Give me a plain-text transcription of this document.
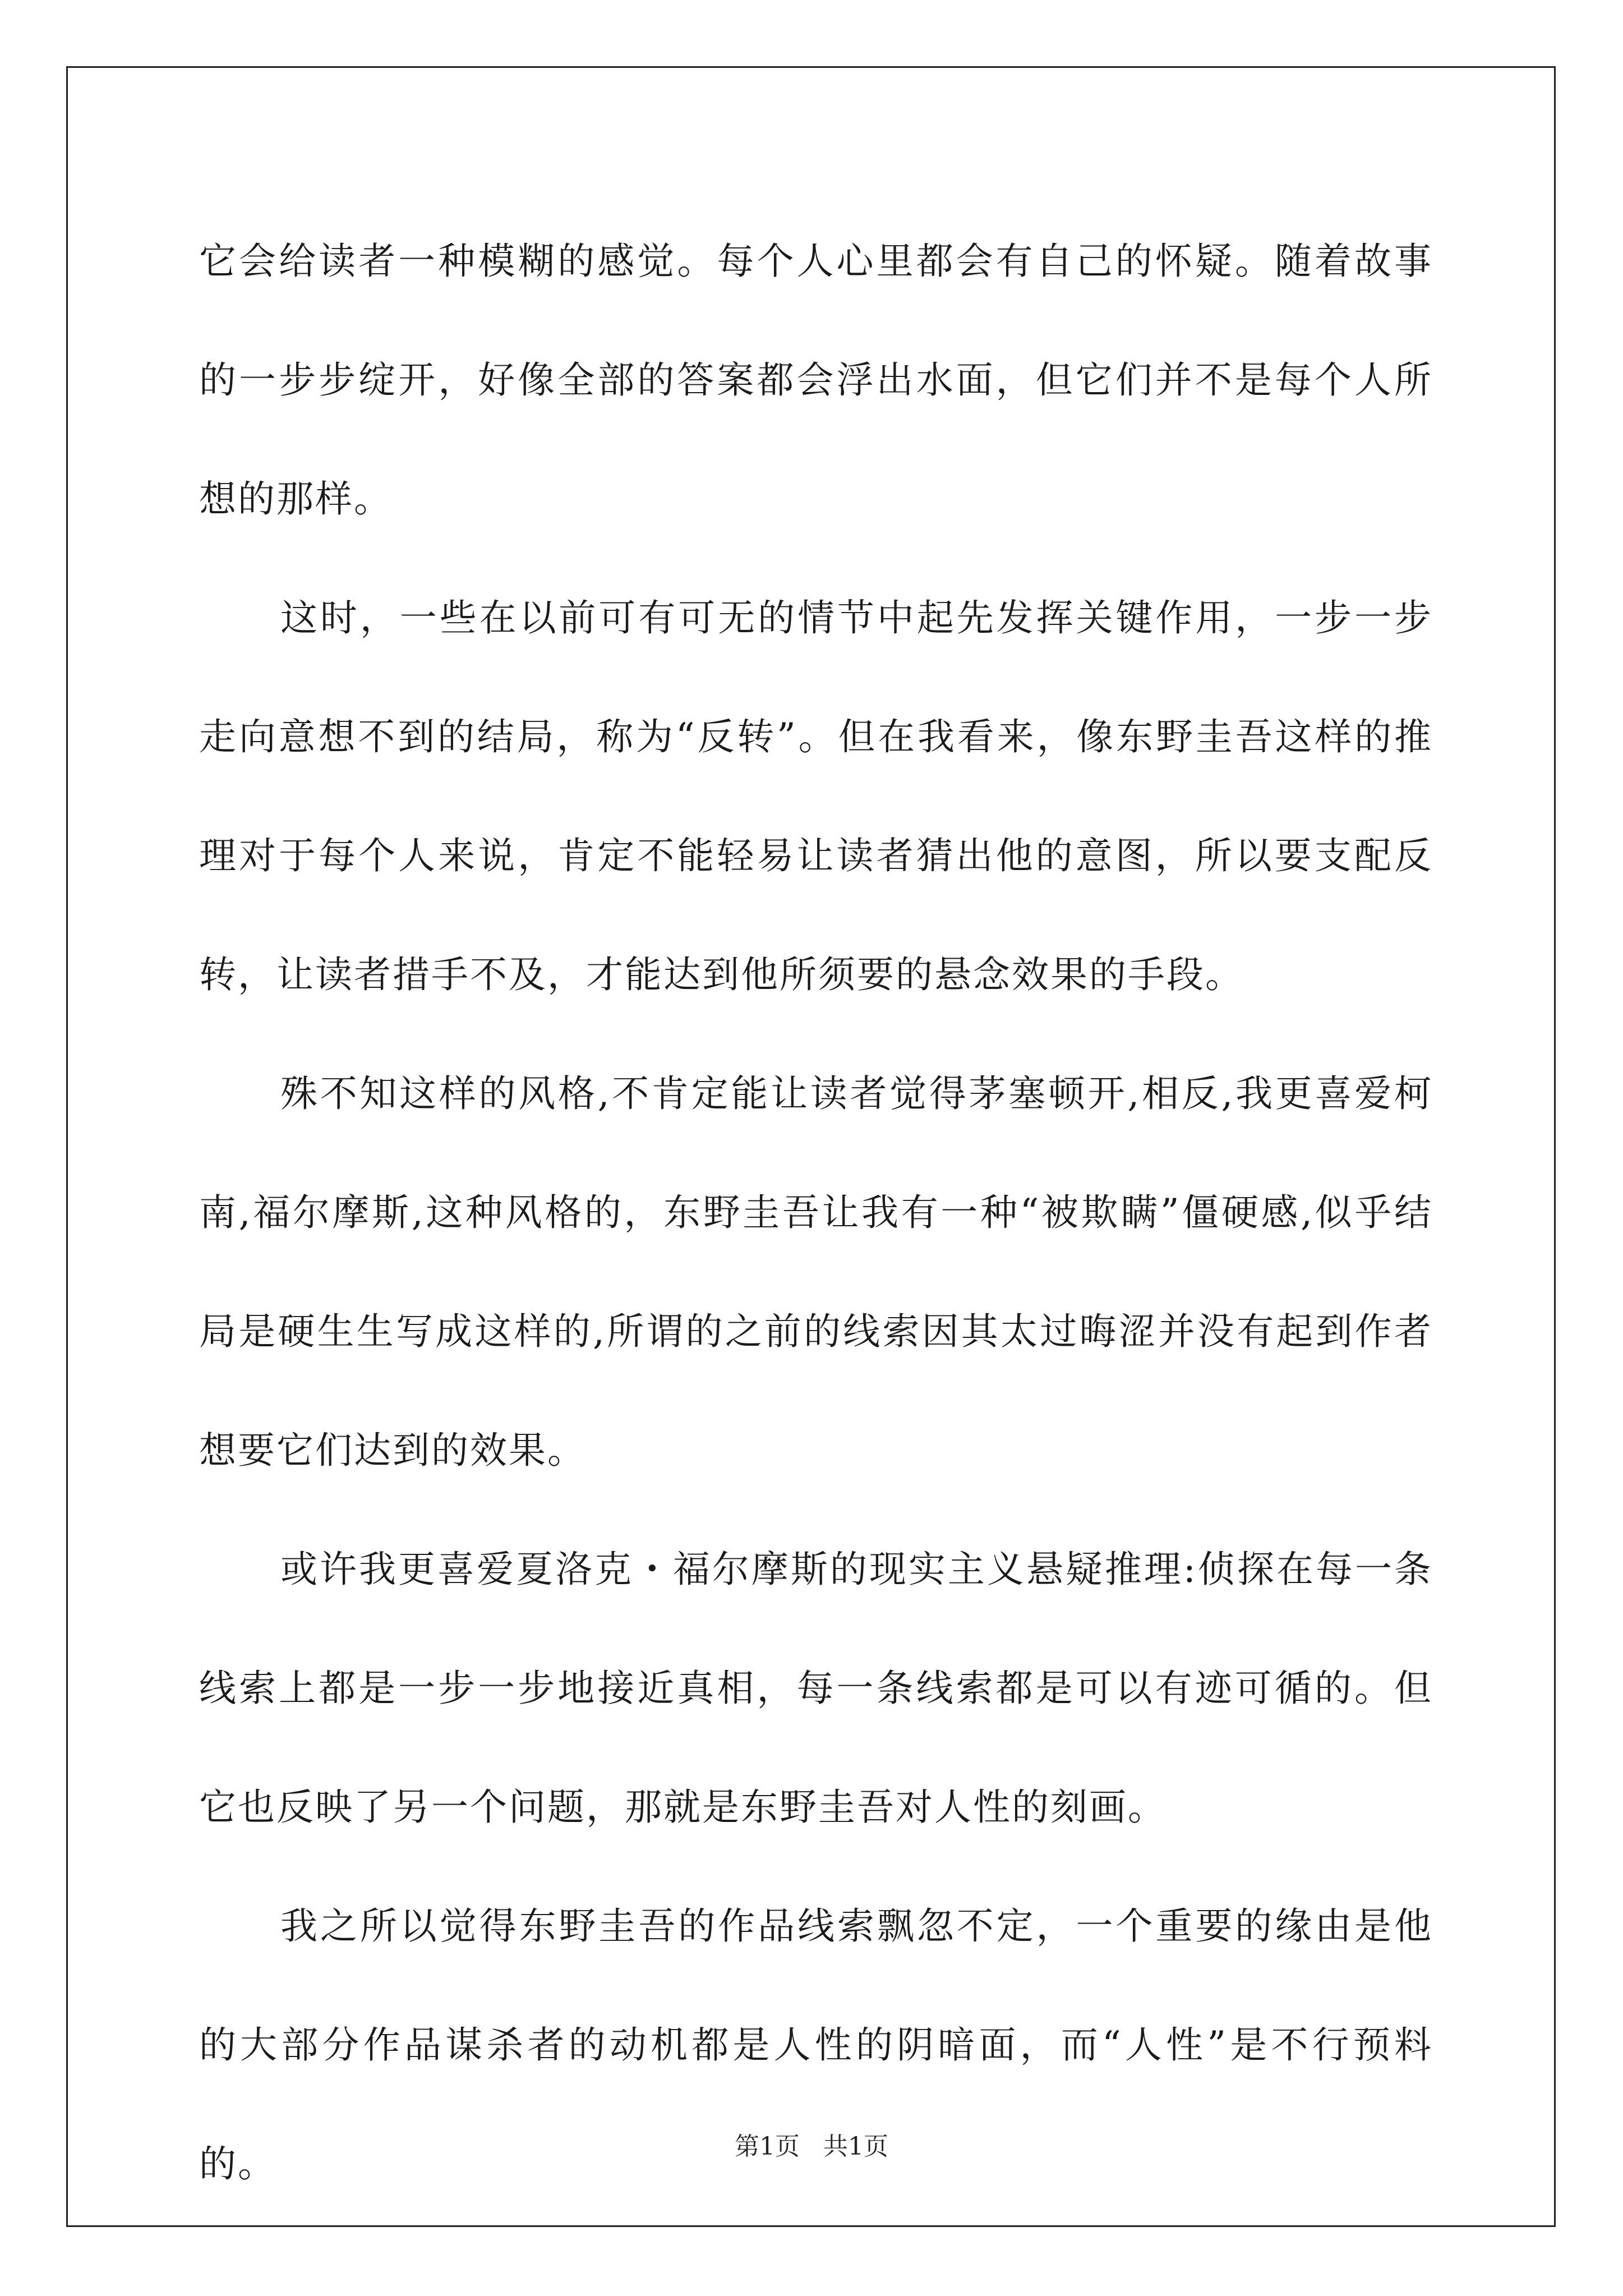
它会给读者一种模糊的感觉。每个人心里都会有自己的怀疑。随着故事的一步步绽开，好像全部的答案都会浮出水面，但它们并不是每个人所想的那样。

这时，一些在以前可有可无的情节中起先发挥关键作用，一步一步走向意想不到的结局，称为“反转”。但在我看来，像东野圭吾这样的推理对于每个人来说，肯定不能轻易让读者猜出他的意图，所以要支配反转，让读者措手不及，才能达到他所须要的悬念效果的手段。

殊不知这样的风格,不肯定能让读者觉得茅塞顿开,相反,我更喜爱柯南,福尔摩斯,这种风格的，东野圭吾让我有一种“被欺瞒”僵硬感,似乎结局是硬生生写成这样的,所谓的之前的线索因其太过晦涩并没有起到作者想要它们达到的效果。

或许我更喜爱夏洛克・福尔摩斯的现实主义悬疑推理:侦探在每一条线索上都是一步一步地接近真相，每一条线索都是可以有迹可循的。但它也反映了另一个问题，那就是东野圭吾对人性的刻画。

我之所以觉得东野圭吾的作品线索飘忽不定，一个重要的缘由是他的大部分作品谋杀者的动机都是人性的阴暗面，而“人性”是不行预料的。	第1页 共1页
